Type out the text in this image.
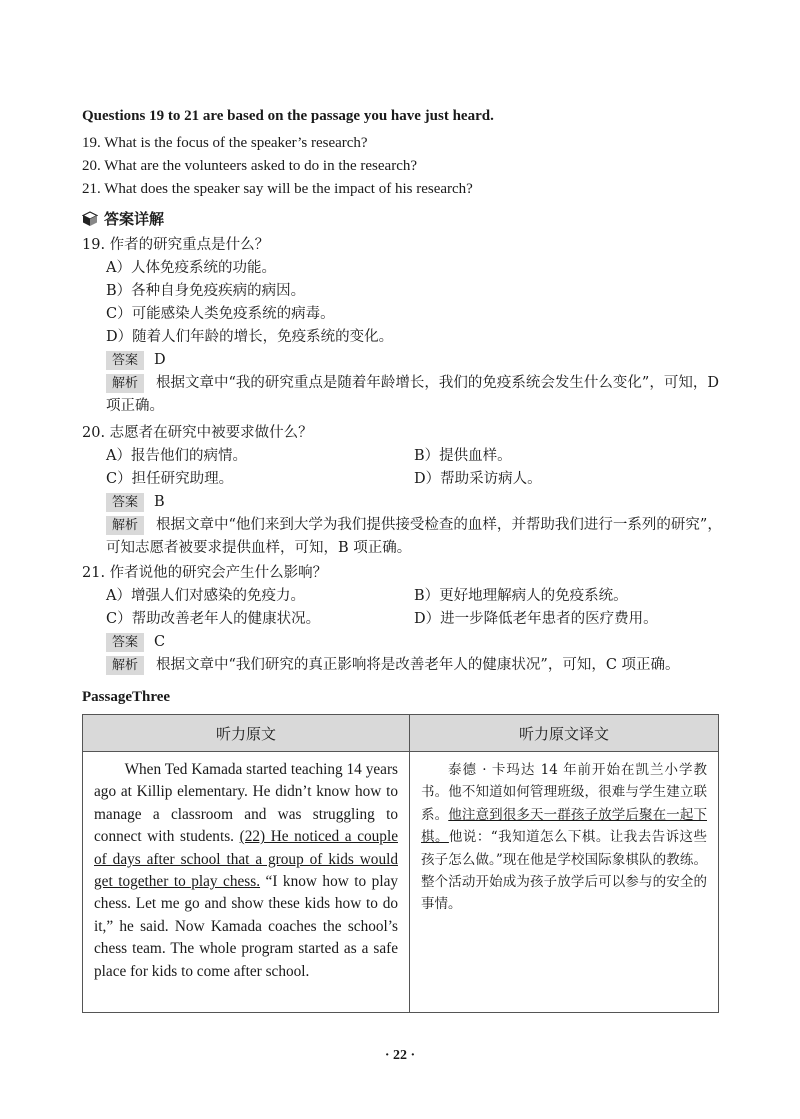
Questions 19 to 21 are based on the passage you have just heard.
19. What is the focus of the speaker’s research?
20. What are the volunteers asked to do in the research?
21. What does the speaker say will be the impact of his research?
答案详解
19. 作者的研究重点是什么？
A）人体免疫系统的功能。
B）各种自身免疫疾病的病因。
C）可能感染人类免疫系统的病毒。
D）随着人们年龄的增长，免疫系统的变化。
答案 D
解析 根据文章中“我的研究重点是随着年龄增长，我们的免疫系统会发生什么变化”，可知，D 项正确。
20. 志愿者在研究中被要求做什么？
A）报告他们的病情。	B）提供血样。
C）担任研究助理。	D）帮助采访病人。
答案 B
解析 根据文章中“他们来到大学为我们提供接受检查的血样，并帮助我们进行一系列的研究”，可知志愿者被要求提供血样，可知，B 项正确。
21. 作者说他的研究会产生什么影响？
A）增强人们对感染的免疫力。	B）更好地理解病人的免疫系统。
C）帮助改善老年人的健康状况。	D）进一步降低老年患者的医疗费用。
答案 C
解析 根据文章中“我们研究的真正影响将是改善老年人的健康状况”，可知，C 项正确。
PassageThree
听力原文	听力原文译文

When Ted Kamada started teaching 14 years ago at Killip elementary. He didn’t know how to manage a classroom and was struggling to connect with students. (22) He noticed a couple of days after school that a group of kids would get together to play chess. “I know how to play chess. Let me go and show these kids how to do it,” he said. Now Kamada coaches the school’s chess team. The whole program started as a safe place for kids to come after school.	泰德 · 卡玛达 14 年前开始在凯兰小学教书。他不知道如何管理班级，很难与学生建立联系。他注意到很多天一群孩子放学后聚在一起下棋。他说：“我知道怎么下棋。让我去告诉这些孩子怎么做。”现在他是学校国际象棋队的教练。整个活动开始成为孩子放学后可以参与的安全的事情。
· 22 ·
